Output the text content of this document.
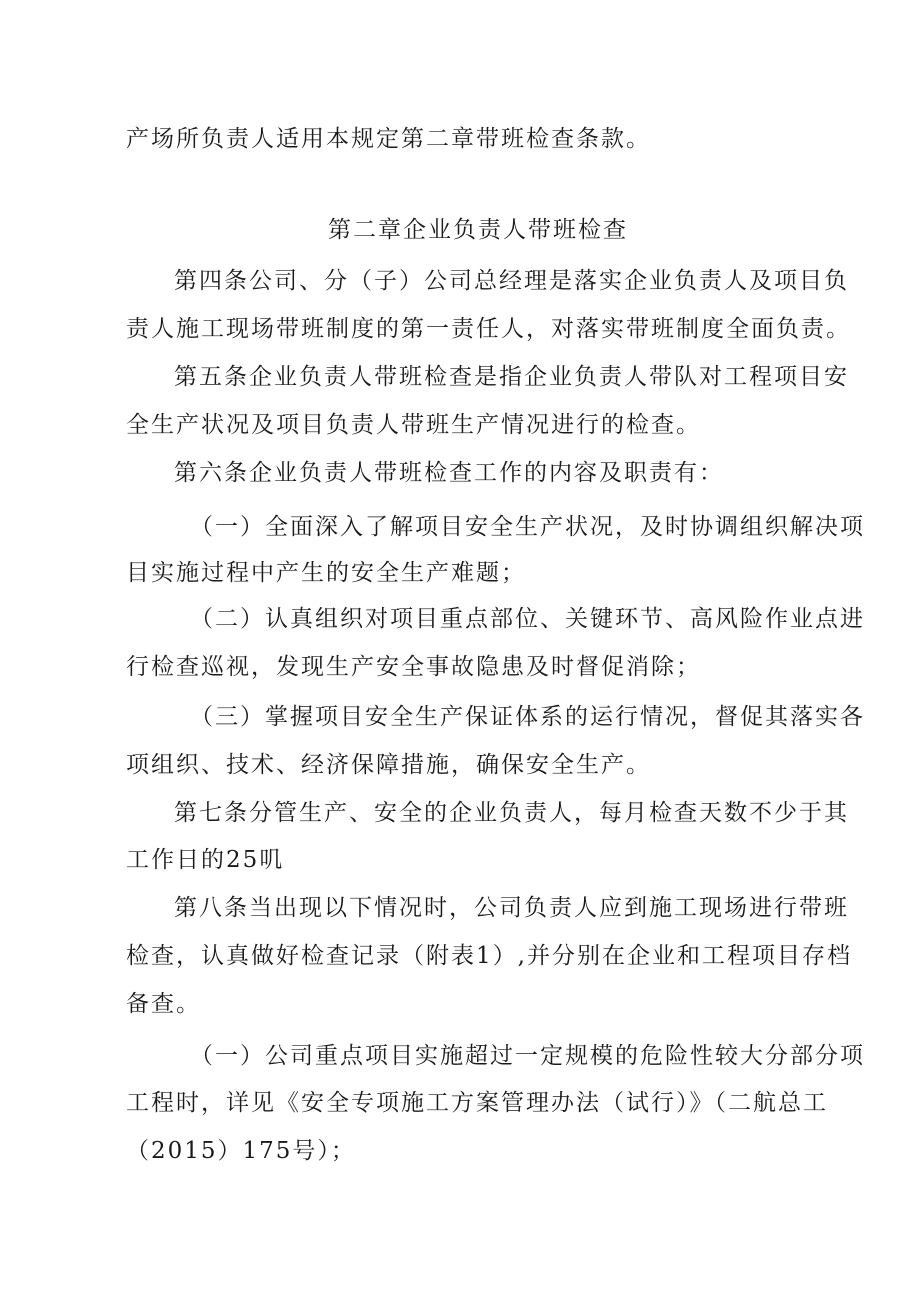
产场所负责人适用本规定第二章带班检查条款。
第二章企业负责人带班检查
第四条公司、分（子）公司总经理是落实企业负责人及项目负
责人施工现场带班制度的第一责任人，对落实带班制度全面负责。
第五条企业负责人带班检查是指企业负责人带队对工程项目安
全生产状况及项目负责人带班生产情况进行的检查。
第六条企业负责人带班检查工作的内容及职责有：
（一）全面深入了解项目安全生产状况，及时协调组织解决项
目实施过程中产生的安全生产难题；
（二）认真组织对项目重点部位、关键环节、高风险作业点进
行检查巡视，发现生产安全事故隐患及时督促消除；
（三）掌握项目安全生产保证体系的运行情况，督促其落实各
项组织、技术、经济保障措施，确保安全生产。
第七条分管生产、安全的企业负责人，每月检查天数不少于其
工作日的25叽
第八条当出现以下情况时，公司负责人应到施工现场进行带班
检查，认真做好检查记录（附表1）,并分别在企业和工程项目存档
备查。
（一）公司重点项目实施超过一定规模的危险性较大分部分项
工程时，详见《安全专项施工方案管理办法（试行）》（二航总工
（2015）175号）；
